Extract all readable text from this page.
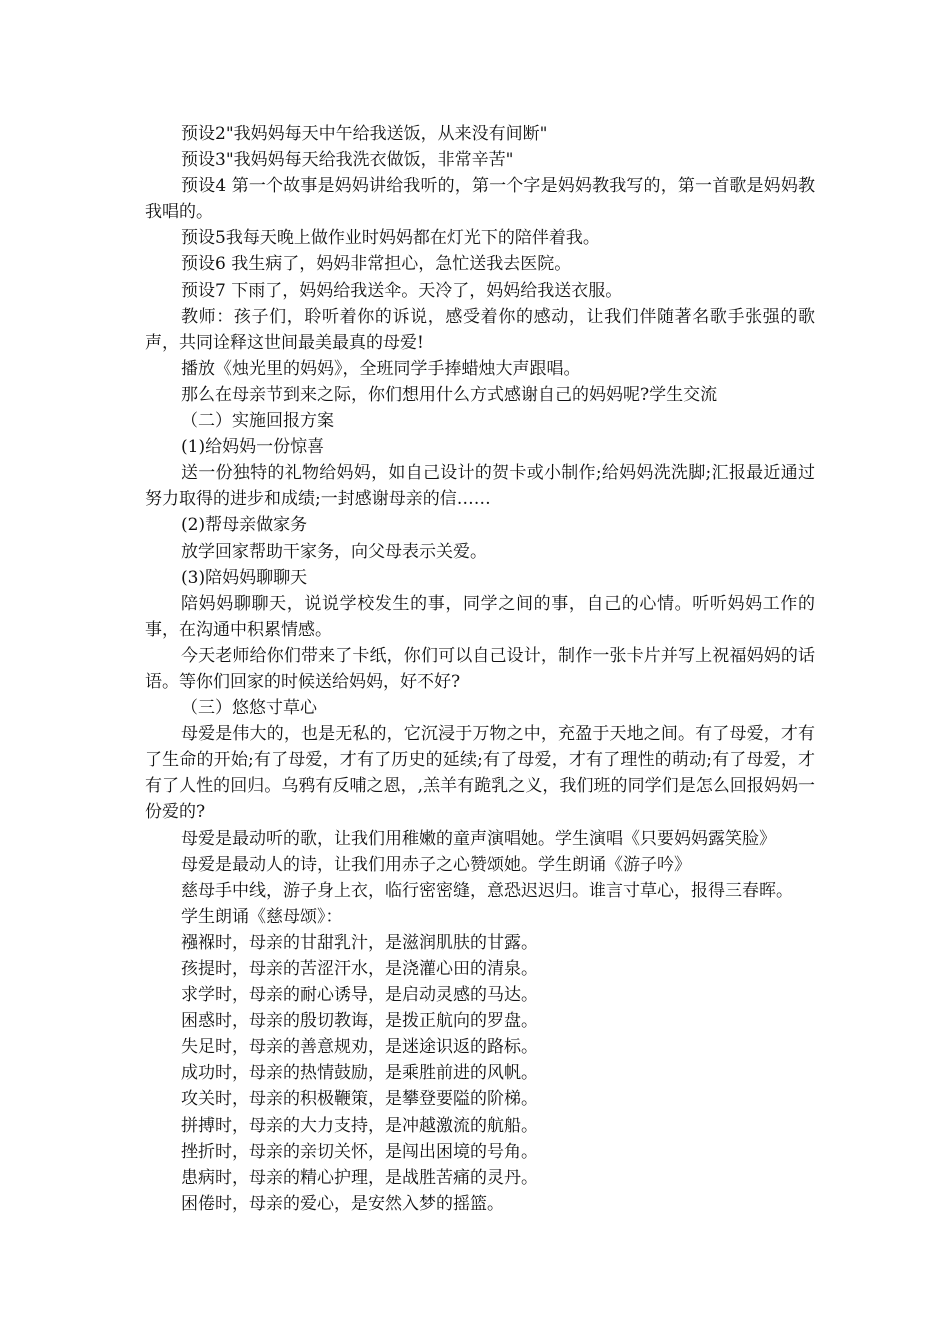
预设2"我妈妈每天中午给我送饭，从来没有间断"

预设3"我妈妈每天给我洗衣做饭，非常辛苦"

预设4 第一个故事是妈妈讲给我听的，第一个字是妈妈教我写的，第一首歌是妈妈教我唱的。

预设5我每天晚上做作业时妈妈都在灯光下的陪伴着我。

预设6 我生病了，妈妈非常担心，急忙送我去医院。

预设7 下雨了，妈妈给我送伞。天冷了，妈妈给我送衣服。

教师：孩子们，聆听着你的诉说，感受着你的感动，让我们伴随著名歌手张强的歌声，共同诠释这世间最美最真的母爱!

播放《烛光里的妈妈》，全班同学手捧蜡烛大声跟唱。

那么在母亲节到来之际，你们想用什么方式感谢自己的妈妈呢?学生交流

（二）实施回报方案

(1)给妈妈一份惊喜

送一份独特的礼物给妈妈，如自己设计的贺卡或小制作;给妈妈洗洗脚;汇报最近通过努力取得的进步和成绩;一封感谢母亲的信……

(2)帮母亲做家务

放学回家帮助干家务，向父母表示关爱。

(3)陪妈妈聊聊天

陪妈妈聊聊天，说说学校发生的事，同学之间的事，自己的心情。听听妈妈工作的事，在沟通中积累情感。

今天老师给你们带来了卡纸，你们可以自己设计，制作一张卡片并写上祝福妈妈的话语。等你们回家的时候送给妈妈，好不好?

（三）悠悠寸草心

母爱是伟大的，也是无私的，它沉浸于万物之中，充盈于天地之间。有了母爱，才有了生命的开始;有了母爱，才有了历史的延续;有了母爱，才有了理性的萌动;有了母爱，才有了人性的回归。乌鸦有反哺之恩，,羔羊有跪乳之义，我们班的同学们是怎么回报妈妈一份爱的?

母爱是最动听的歌，让我们用稚嫩的童声演唱她。学生演唱《只要妈妈露笑脸》

母爱是最动人的诗，让我们用赤子之心赞颂她。学生朗诵《游子吟》

慈母手中线，游子身上衣，临行密密缝，意恐迟迟归。谁言寸草心，报得三春晖。

学生朗诵《慈母颂》：

襁褓时，母亲的甘甜乳汁，是滋润肌肤的甘露。

孩提时，母亲的苦涩汗水，是浇灌心田的清泉。

求学时，母亲的耐心诱导，是启动灵感的马达。

困惑时，母亲的殷切教诲，是拨正航向的罗盘。

失足时，母亲的善意规劝，是迷途识返的路标。

成功时，母亲的热情鼓励，是乘胜前进的风帆。

攻关时，母亲的积极鞭策，是攀登要隘的阶梯。

拼搏时，母亲的大力支持，是冲越激流的航船。

挫折时，母亲的亲切关怀，是闯出困境的号角。

患病时，母亲的精心护理，是战胜苦痛的灵丹。

困倦时，母亲的爱心，是安然入梦的摇篮。
